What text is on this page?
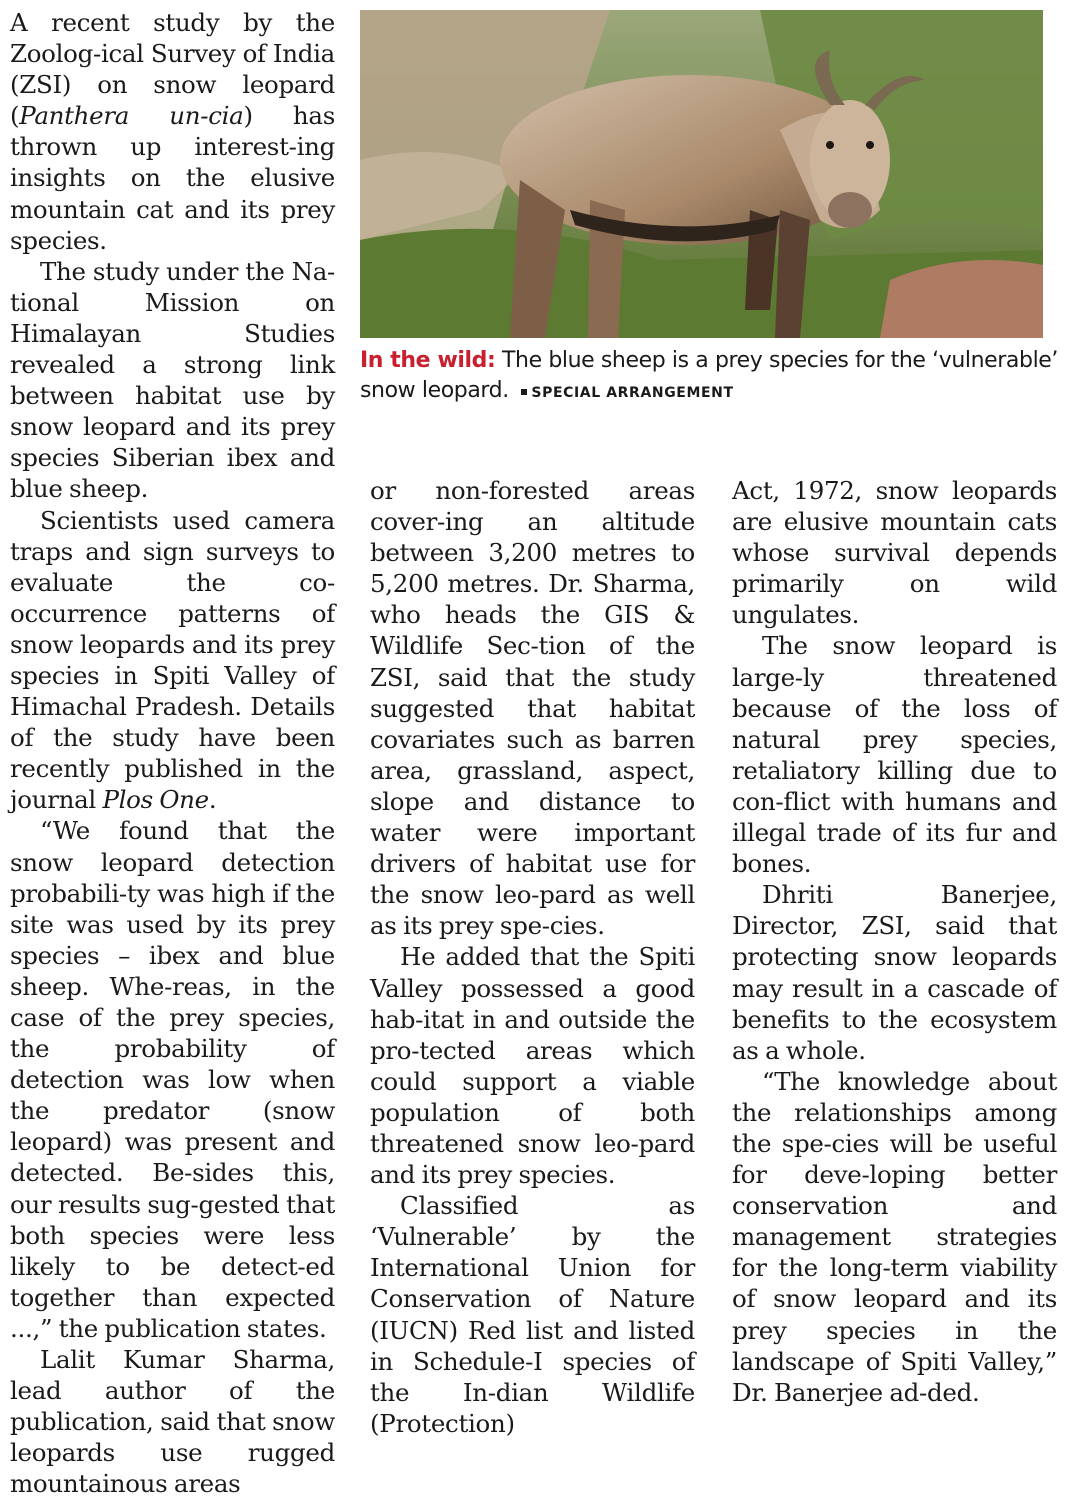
In the wild: The blue sheep is a prey species for the ‘vulnerable’
snow leopard. SPECIAL ARRANGEMENT

A recent study by the Zoolog-ical Survey of India (ZSI) on snow leopard (Panthera un-cia) has thrown up interest-ing insights on the elusive mountain cat and its prey species.

The study under the Na-tional Mission on Himalayan Studies revealed a strong link between habitat use by snow leopard and its prey species Siberian ibex and blue sheep.

Scientists used camera traps and sign surveys to evaluate the co-occurrence patterns of snow leopards and its prey species in Spiti Valley of Himachal Pradesh. Details of the study have been recently published in the journal Plos One.

“We found that the snow leopard detection probabili-ty was high if the site was used by its prey species – ibex and blue sheep. Whe-reas, in the case of the prey species, the probability of detection was low when the predator (snow leopard) was present and detected. Be-sides this, our results sug-gested that both species were less likely to be detect-ed together than expected ...,” the publication states.

Lalit Kumar Sharma, lead author of the publication, said that snow leopards use rugged mountainous areas

or non-forested areas cover-ing an altitude between 3,200 metres to 5,200 metres. Dr. Sharma, who heads the GIS & Wildlife Sec-tion of the ZSI, said that the study suggested that habitat covariates such as barren area, grassland, aspect, slope and distance to water were important drivers of habitat use for the snow leo-pard as well as its prey spe-cies.

He added that the Spiti Valley possessed a good hab-itat in and outside the pro-tected areas which could support a viable population of both threatened snow leo-pard and its prey species.

Classified as ‘Vulnerable’ by the International Union for Conservation of Nature (IUCN) Red list and listed in Schedule-I species of the In-dian Wildlife (Protection)

Act, 1972, snow leopards are elusive mountain cats whose survival depends primarily on wild ungulates.

The snow leopard is large-ly threatened because of the loss of natural prey species, retaliatory killing due to con-flict with humans and illegal trade of its fur and bones.

Dhriti Banerjee, Director, ZSI, said that protecting snow leopards may result in a cascade of benefits to the ecosystem as a whole.

“The knowledge about the relationships among the spe-cies will be useful for deve-loping better conservation and management strategies for the long-term viability of snow leopard and its prey species in the landscape of Spiti Valley,” Dr. Banerjee ad-ded.
